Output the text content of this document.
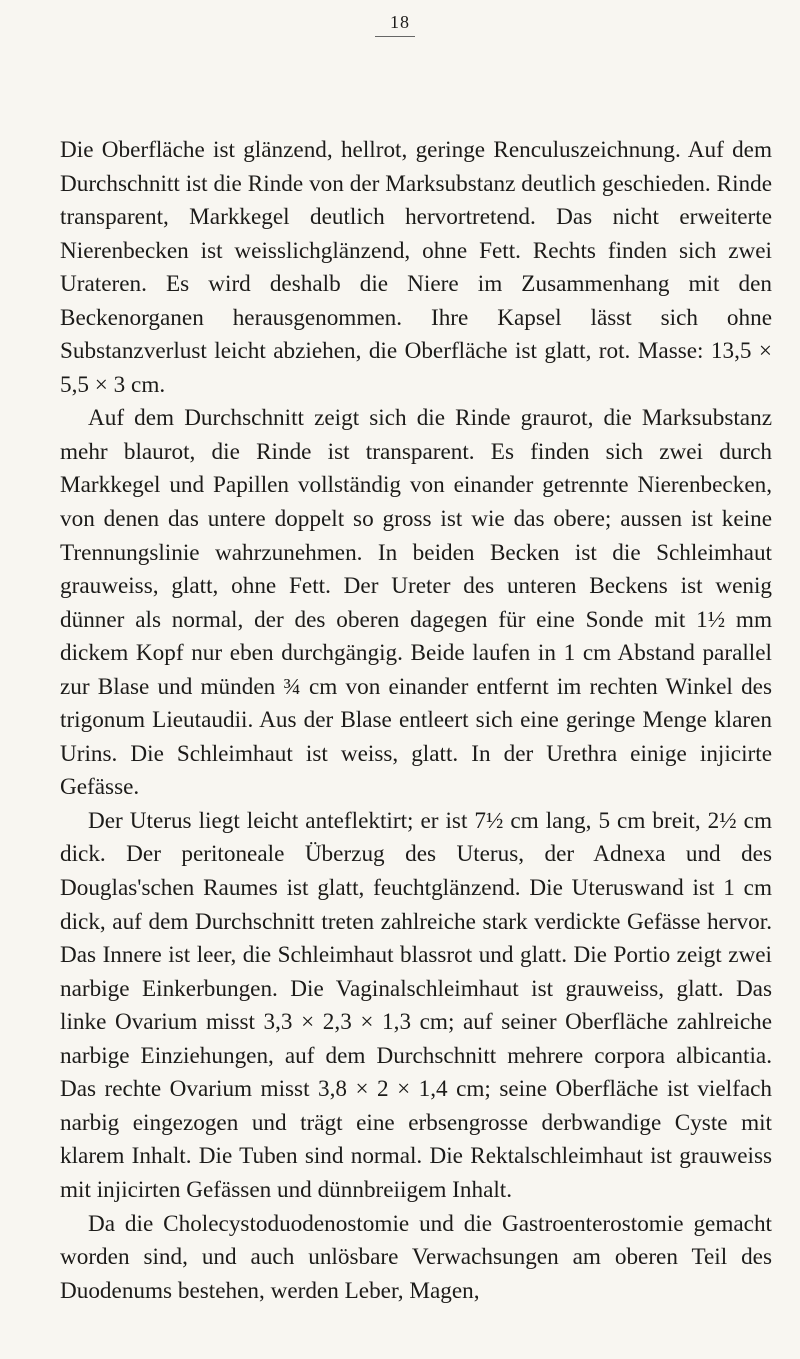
18

Die Oberfläche ist glänzend, hellrot, geringe Renculuszeichnung. Auf dem Durchschnitt ist die Rinde von der Marksubstanz deutlich geschieden. Rinde transparent, Markkegel deutlich hervortretend. Das nicht erweiterte Nierenbecken ist weisslichglänzend, ohne Fett. Rechts finden sich zwei Urateren. Es wird deshalb die Niere im Zusammenhang mit den Beckenorganen herausgenommen. Ihre Kapsel lässt sich ohne Substanzverlust leicht abziehen, die Oberfläche ist glatt, rot. Masse: 13,5 × 5,5 × 3 cm.

Auf dem Durchschnitt zeigt sich die Rinde graurot, die Marksubstanz mehr blaurot, die Rinde ist transparent. Es finden sich zwei durch Markkegel und Papillen vollständig von einander getrennte Nierenbecken, von denen das untere doppelt so gross ist wie das obere; aussen ist keine Trennungslinie wahrzunehmen. In beiden Becken ist die Schleimhaut grauweiss, glatt, ohne Fett. Der Ureter des unteren Beckens ist wenig dünner als normal, der des oberen dagegen für eine Sonde mit 1½ mm dickem Kopf nur eben durchgängig. Beide laufen in 1 cm Abstand parallel zur Blase und münden ¾ cm von einander entfernt im rechten Winkel des trigonum Lieutaudii. Aus der Blase entleert sich eine geringe Menge klaren Urins. Die Schleimhaut ist weiss, glatt. In der Urethra einige injicirte Gefässe.

Der Uterus liegt leicht anteflektirt; er ist 7½ cm lang, 5 cm breit, 2½ cm dick. Der peritoneale Überzug des Uterus, der Adnexa und des Douglas'schen Raumes ist glatt, feuchtglänzend. Die Uteruswand ist 1 cm dick, auf dem Durchschnitt treten zahlreiche stark verdickte Gefässe hervor. Das Innere ist leer, die Schleimhaut blassrot und glatt. Die Portio zeigt zwei narbige Einkerbungen. Die Vaginalschleimhaut ist grauweiss, glatt. Das linke Ovarium misst 3,3 × 2,3 × 1,3 cm; auf seiner Oberfläche zahlreiche narbige Einziehungen, auf dem Durchschnitt mehrere corpora albicantia. Das rechte Ovarium misst 3,8 × 2 × 1,4 cm; seine Oberfläche ist vielfach narbig eingezogen und trägt eine erbsengrosse derbwandige Cyste mit klarem Inhalt. Die Tuben sind normal. Die Rektalschleimhaut ist grauweiss mit injicirten Gefässen und dünnbreiigem Inhalt.

Da die Cholecystoduodenostomie und die Gastroenterostomie gemacht worden sind, und auch unlösbare Verwachsungen am oberen Teil des Duodenums bestehen, werden Leber, Magen,
